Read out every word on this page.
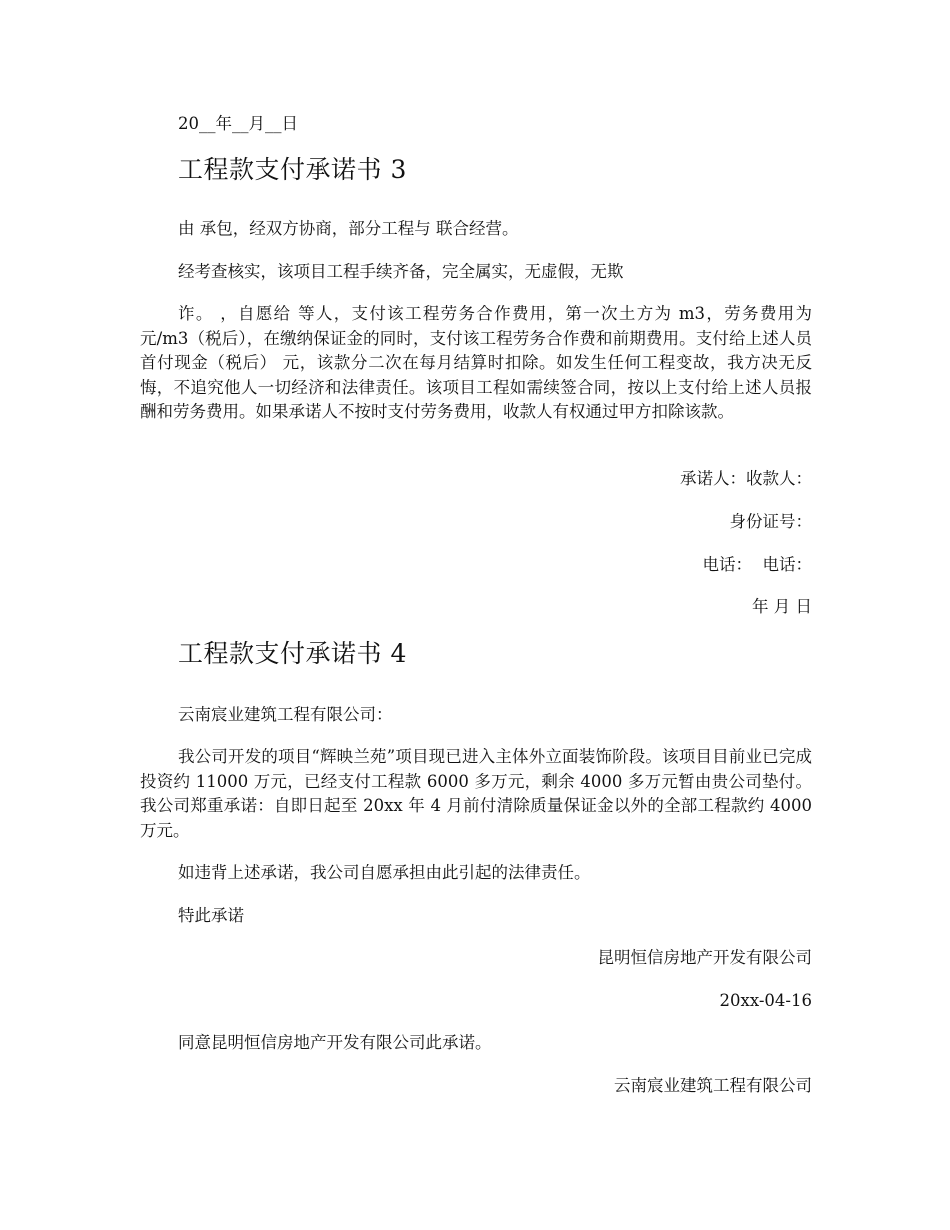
20__年__月__日
工程款支付承诺书 3
由 承包，经双方协商，部分工程与 联合经营。
经考查核实，该项目工程手续齐备，完全属实，无虚假，无欺
诈。 ，自愿给 等人，支付该工程劳务合作费用，第一次土方为 m3，劳务费用为元/m3（税后），在缴纳保证金的同时，支付该工程劳务合作费和前期费用。支付给上述人员首付现金（税后） 元，该款分二次在每月结算时扣除。如发生任何工程变故，我方决无反悔，不追究他人一切经济和法律责任。该项目工程如需续签合同，按以上支付给上述人员报酬和劳务费用。如果承诺人不按时支付劳务费用，收款人有权通过甲方扣除该款。
承诺人：收款人：
身份证号：
电话：  电话：
年 月 日
工程款支付承诺书 4
云南宸业建筑工程有限公司：
我公司开发的项目“辉映兰苑”项目现已进入主体外立面装饰阶段。该项目目前业已完成投资约 11000 万元，已经支付工程款 6000 多万元，剩余 4000 多万元暂由贵公司垫付。我公司郑重承诺：自即日起至 20xx 年 4 月前付清除质量保证金以外的全部工程款约 4000 万元。
如违背上述承诺，我公司自愿承担由此引起的法律责任。
特此承诺
昆明恒信房地产开发有限公司
20xx-04-16
同意昆明恒信房地产开发有限公司此承诺。
云南宸业建筑工程有限公司
